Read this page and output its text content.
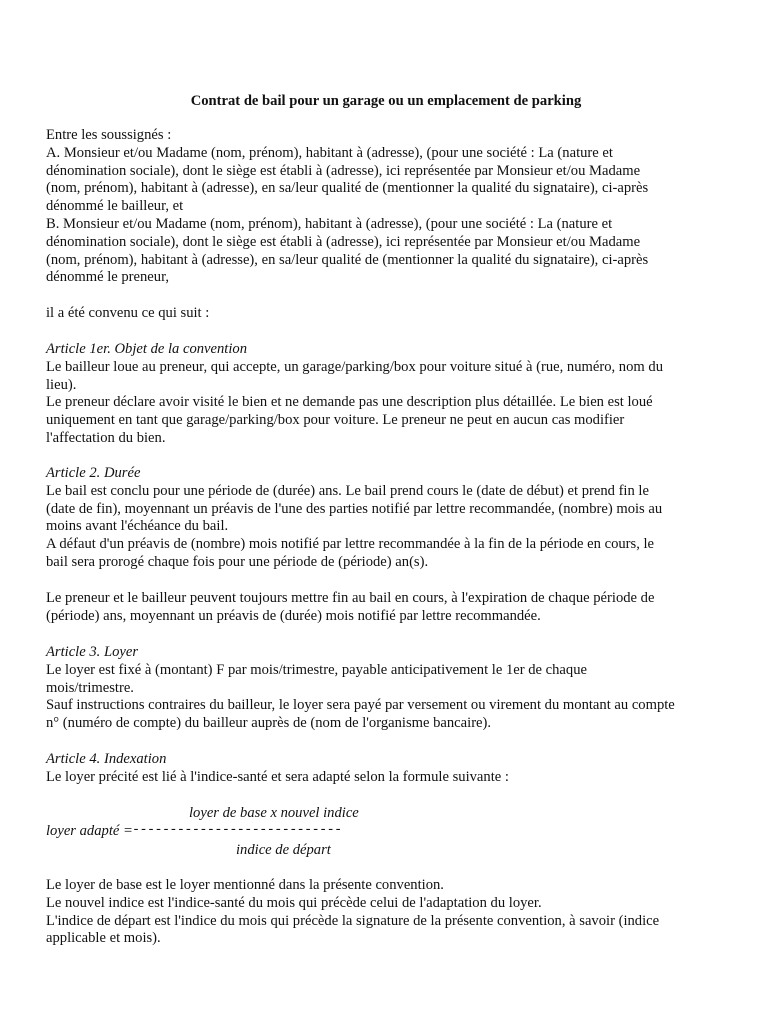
Contrat de bail pour un garage ou un emplacement de parking
Entre les soussignés :
A. Monsieur et/ou Madame (nom, prénom), habitant à (adresse), (pour une société : La (nature et
dénomination sociale), dont le siège est établi à (adresse), ici représentée par Monsieur et/ou Madame
(nom, prénom), habitant à (adresse), en sa/leur qualité de (mentionner la qualité du signataire), ci-après
dénommé le bailleur, et
B. Monsieur et/ou Madame (nom, prénom), habitant à (adresse), (pour une société : La (nature et
dénomination sociale), dont le siège est établi à (adresse), ici représentée par Monsieur et/ou Madame
(nom, prénom), habitant à (adresse), en sa/leur qualité de (mentionner la qualité du signataire), ci-après
dénommé le preneur,
il a été convenu ce qui suit :
Article 1er. Objet de la convention
Le bailleur loue au preneur, qui accepte, un garage/parking/box pour voiture situé à (rue, numéro, nom du
lieu).
Le preneur déclare avoir visité le bien et ne demande pas une description plus détaillée. Le bien est loué
uniquement en tant que garage/parking/box pour voiture. Le preneur ne peut en aucun cas modifier
l'affectation du bien.
Article 2. Durée
Le bail est conclu pour une période de (durée) ans. Le bail prend cours le (date de début) et prend fin le
(date de fin), moyennant un préavis de l'une des parties notifié par lettre recommandée, (nombre) mois au
moins avant l'échéance du bail.
A défaut d'un préavis de (nombre) mois notifié par lettre recommandée à la fin de la période en cours, le
bail sera prorogé chaque fois pour une période de (période) an(s).
Le preneur et le bailleur peuvent toujours mettre fin au bail en cours, à l'expiration de chaque période de
(période) ans, moyennant un préavis de (durée) mois notifié par lettre recommandée.
Article 3. Loyer
Le loyer est fixé à (montant) F par mois/trimestre, payable anticipativement le 1er de chaque
mois/trimestre.
Sauf instructions contraires du bailleur, le loyer sera payé par versement ou virement du montant au compte
n° (numéro de compte) du bailleur auprès de (nom de l'organisme bancaire).
Article 4. Indexation
Le loyer précité est lié à l'indice-santé et sera adapté selon la formule suivante :
loyer de base x nouvel indice
loyer adapté = ----------------------------
indice de départ
Le loyer de base est le loyer mentionné dans la présente convention.
Le nouvel indice est l'indice-santé du mois qui précède celui de l'adaptation du loyer.
L'indice de départ est l'indice du mois qui précède la signature de la présente convention, à savoir (indice
applicable et mois).
